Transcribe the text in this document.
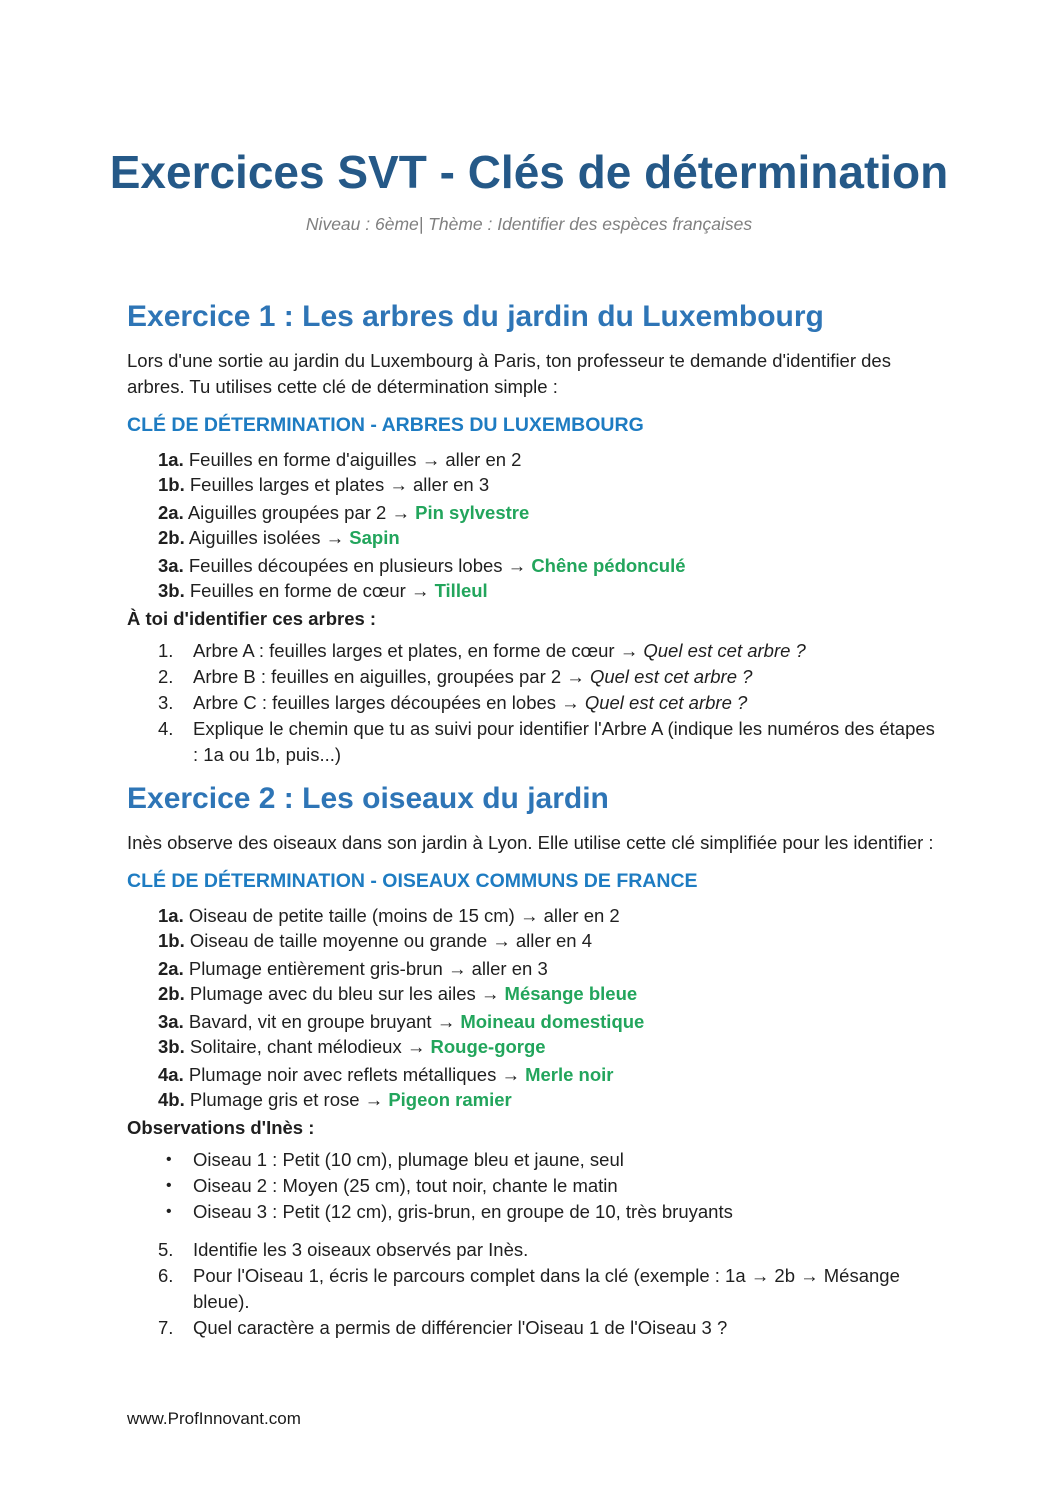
Exercices SVT - Clés de détermination

Niveau : 6ème| Thème : Identifier des espèces françaises

Exercice 1 : Les arbres du jardin du Luxembourg

Lors d'une sortie au jardin du Luxembourg à Paris, ton professeur te demande d'identifier des arbres. Tu utilises cette clé de détermination simple :

CLÉ DE DÉTERMINATION - ARBRES DU LUXEMBOURG
1a. Feuilles en forme d'aiguilles → aller en 2
1b. Feuilles larges et plates → aller en 3
2a. Aiguilles groupées par 2 → Pin sylvestre
2b. Aiguilles isolées → Sapin
3a. Feuilles découpées en plusieurs lobes → Chêne pédonculé
3b. Feuilles en forme de cœur → Tilleul

À toi d'identifier ces arbres :

1.	Arbre A : feuilles larges et plates, en forme de cœur → Quel est cet arbre ?
2.	Arbre B : feuilles en aiguilles, groupées par 2 → Quel est cet arbre ?
3.	Arbre C : feuilles larges découpées en lobes → Quel est cet arbre ?
4.	Explique le chemin que tu as suivi pour identifier l'Arbre A (indique les numéros des étapes : 1a ou 1b, puis...)
Exercice 2 : Les oiseaux du jardin

Inès observe des oiseaux dans son jardin à Lyon. Elle utilise cette clé simplifiée pour les identifier :

CLÉ DE DÉTERMINATION - OISEAUX COMMUNS DE FRANCE
1a. Oiseau de petite taille (moins de 15 cm) → aller en 2
1b. Oiseau de taille moyenne ou grande → aller en 4
2a. Plumage entièrement gris-brun → aller en 3
2b. Plumage avec du bleu sur les ailes → Mésange bleue
3a. Bavard, vit en groupe bruyant → Moineau domestique
3b. Solitaire, chant mélodieux → Rouge-gorge
4a. Plumage noir avec reflets métalliques → Merle noir
4b. Plumage gris et rose → Pigeon ramier

Observations d'Inès :

•	Oiseau 1 : Petit (10 cm), plumage bleu et jaune, seul
•	Oiseau 2 : Moyen (25 cm), tout noir, chante le matin
•	Oiseau 3 : Petit (12 cm), gris-brun, en groupe de 10, très bruyants
5.	Identifie les 3 oiseaux observés par Inès.
6.	Pour l'Oiseau 1, écris le parcours complet dans la clé (exemple : 1a → 2b → Mésange bleue).
7.	Quel caractère a permis de différencier l'Oiseau 1 de l'Oiseau 3 ?
www.ProfInnovant.com
